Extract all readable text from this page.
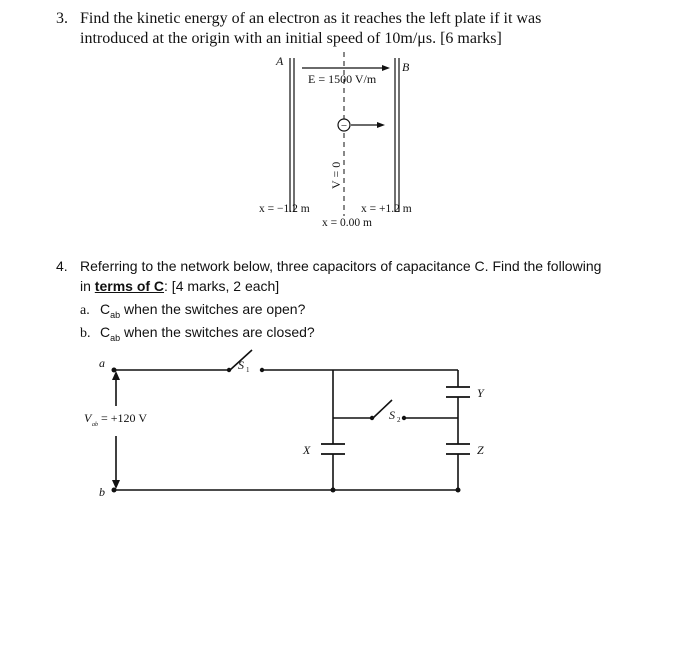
3. Find the kinetic energy of an electron as it reaches the left plate if it was
introduced at the origin with an initial speed of 10m/μs. [6 marks]
−
A	B
E = 1500 V/m
V = 0
x = −1.2 m	x = +1.2 m
x = 0.00 m
4. Referring to the network below, three capacitors of capacitance C. Find the following
in terms of C: [4 marks, 2 each]
a. $C_{ab}$ when the switches are open?
b. $C_{ab}$ when the switches are closed?
a
b
V ab = +120 V
S 1
S 2
X
Y
Z
